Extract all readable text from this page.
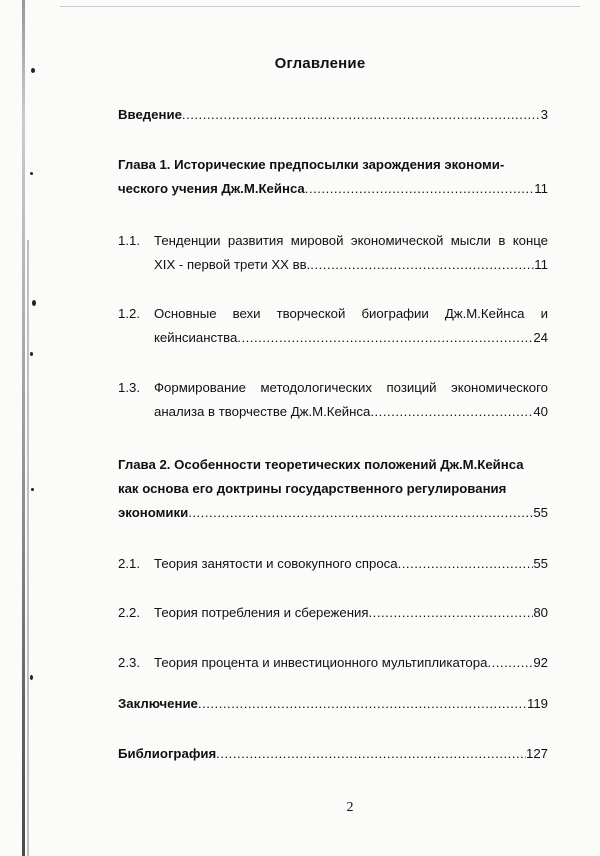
Оглавление
Введение .....	3
Глава 1. Исторические предпосылки зарождения экономи-
ческого учения Дж.М.Кейнса .....	11
1.1.	Тенденции развития мировой экономической мысли в конце
XIX - первой трети XX вв. .....	11
1.2.	Основные вехи творческой биографии Дж.М.Кейнса и
кейнсианства .....	24
1.3.	Формирование методологических позиций экономического
анализа в творчестве Дж.М.Кейнса .....	40
Глава 2. Особенности теоретических положений Дж.М.Кейнса
как основа его доктрины государственного регулирования
экономики .....	55
2.1.	Теория занятости и совокупного спроса .....	55
2.2.	Теория потребления и сбережения .....	80
2.3.	Теория процента и инвестиционного мультипликатора .....	92
Заключение .....	119
Библиография .....	127
2
